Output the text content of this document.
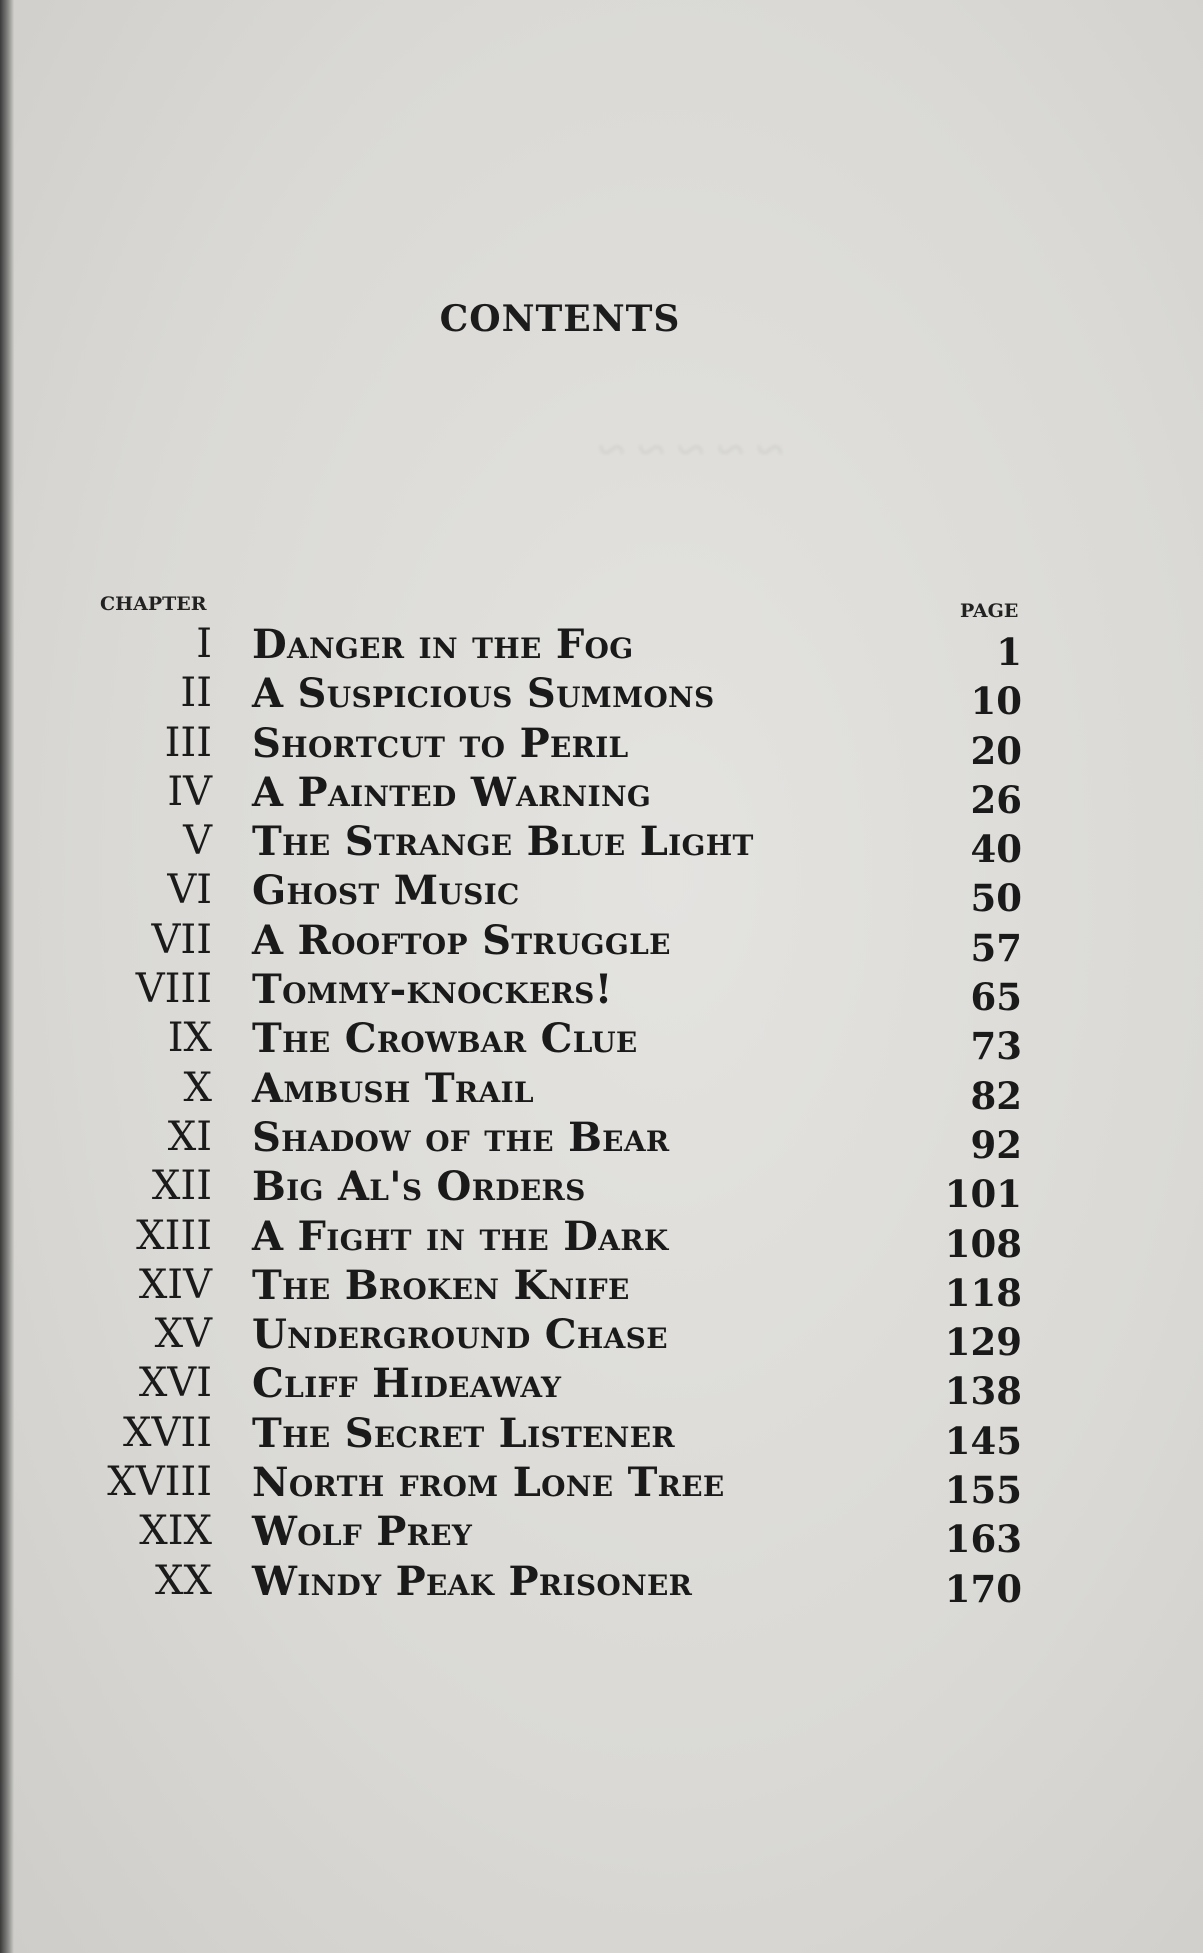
~ ~ ~ ~ ~
CONTENTS
CHAPTER	PAGE
I Danger in the Fog	1
II A Suspicious Summons	10
III Shortcut to Peril	20
IV A Painted Warning	26
V The Strange Blue Light	40
VI Ghost Music	50
VII A Rooftop Struggle	57
VIII Tommy-knockers!	65
IX The Crowbar Clue	73
X Ambush Trail	82
XI Shadow of the Bear	92
XII Big Al's Orders	101
XIII A Fight in the Dark	108
XIV The Broken Knife	118
XV Underground Chase	129
XVI Cliff Hideaway	138
XVII The Secret Listener	145
XVIII North from Lone Tree	155
XIX Wolf Prey	163
XX Windy Peak Prisoner	170
